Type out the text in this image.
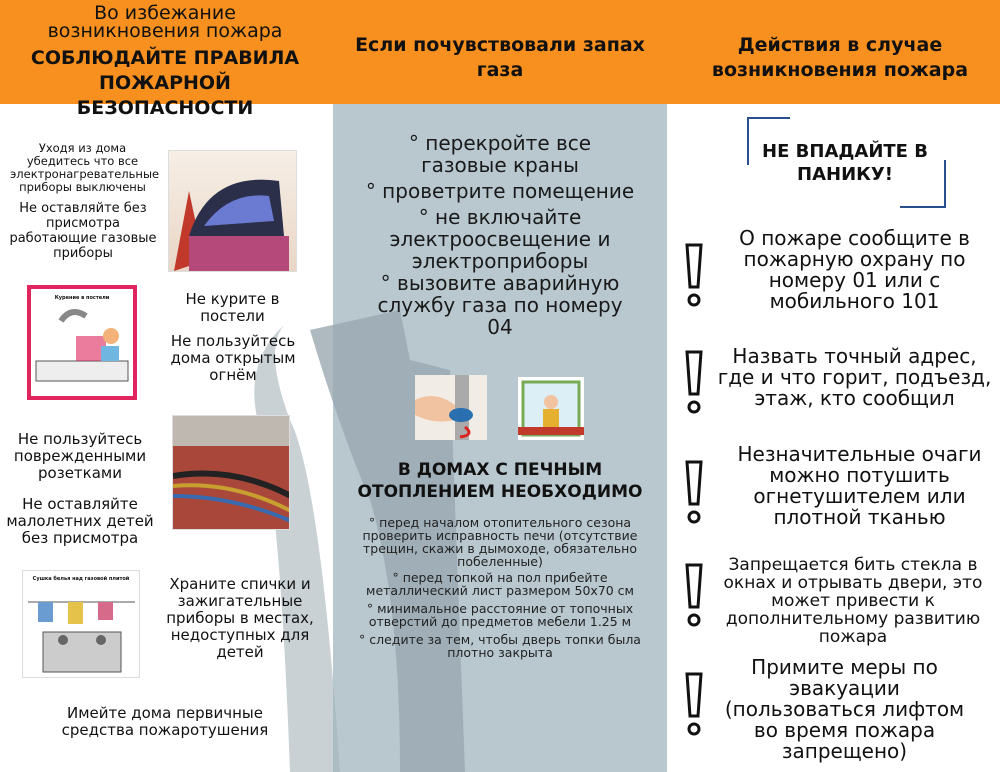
Во избежание
возникновения пожара
СОБЛЮДАЙТЕ ПРАВИЛА ПОЖАРНОЙ БЕЗОПАСНОСТИ
Если почувствовали запах газа
Действия в случае возникновения пожара
Уходя из дома убедитесь что все электронагревательные приборы выключены
Не оставляйте без присмотра работающие газовые приборы
Курение в постели	Не курите в постели
Не пользуйтесь дома открытым огнём
Не пользуйтесь поврежденными розетками
Не оставляйте малолетних детей без присмотра
Сушка белья над газовой плитой	Храните спички и зажигательные приборы в местах, недоступных для детей
Имейте дома первичные средства пожаротушения
° перекройте все газовые краны
° проветрите помещение
° не включайте электроосвещение и электроприборы
° вызовите аварийную службу газа по номеру 04
В ДОМАХ С ПЕЧНЫМ ОТОПЛЕНИЕМ НЕОБХОДИМО
° перед началом отопительного сезона проверить исправность печи (отсутствие трещин, скажи в дымоходе, обязательно побеленные)
° перед топкой на пол прибейте металлический лист размером 50х70 см
° минимальное расстояние от топочных отверстий до предметов мебели 1.25 м
° следите за тем, чтобы дверь топки была плотно закрыта
НЕ ВПАДАЙТЕ В ПАНИКУ!
О пожаре сообщите в пожарную охрану по номеру 01 или с мобильного 101
Назвать точный адрес, где и что горит, подъезд, этаж, кто сообщил
Незначительные очаги можно потушить огнетушителем или плотной тканью
Запрещается бить стекла в окнах и отрывать двери, это может привести к дополнительному развитию пожара
Примите меры по эвакуации (пользоваться лифтом во время пожара запрещено)
